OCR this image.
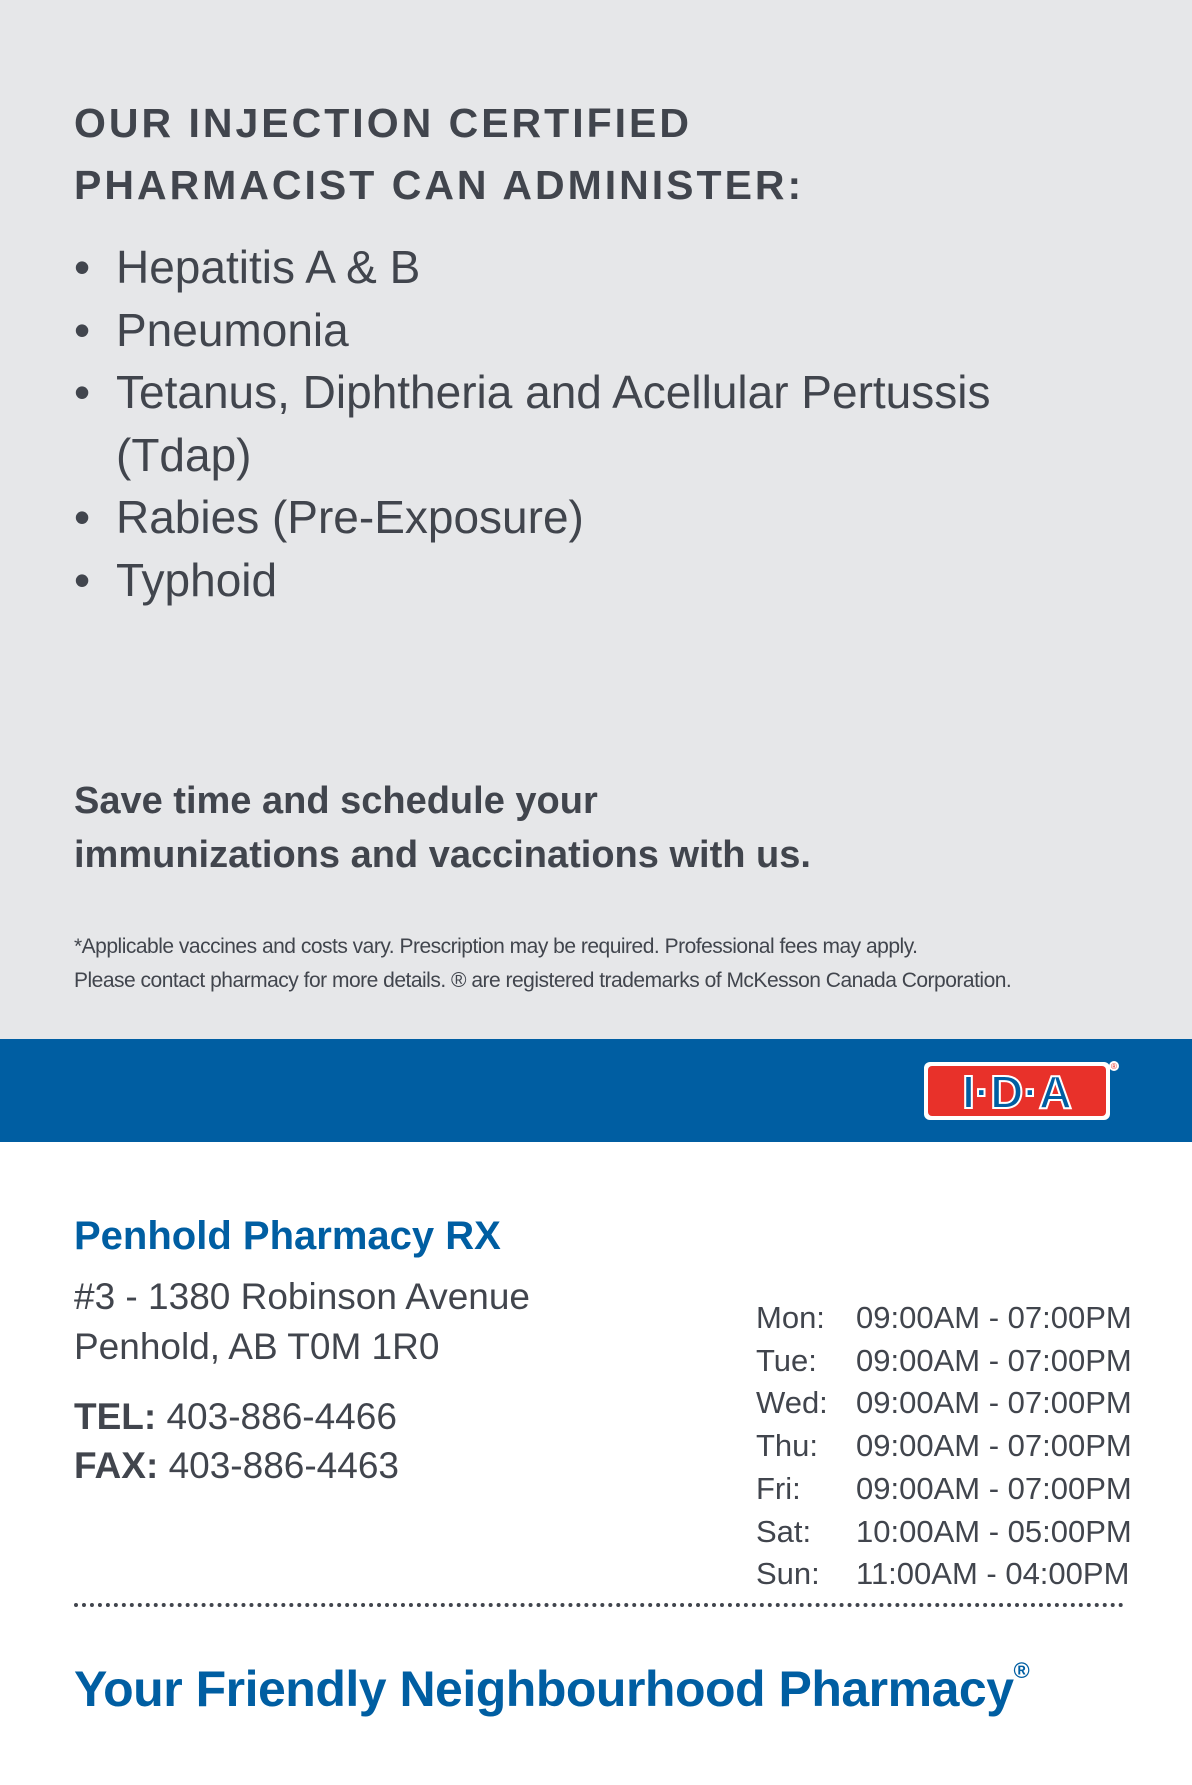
OUR INJECTION CERTIFIED
PHARMACIST CAN ADMINISTER:
• Hepatitis A & B
• Pneumonia
• Tetanus, Diphtheria and Acellular Pertussis (Tdap)
• Rabies (Pre-Exposure)
• Typhoid
Save time and schedule your
immunizations and vaccinations with us.
*Applicable vaccines and costs vary. Prescription may be required. Professional fees may apply.
Please contact pharmacy for more details. ® are registered trademarks of McKesson Canada Corporation.
I·D·A	®
Penhold Pharmacy RX
#3 - 1380 Robinson Avenue
Penhold, AB T0M 1R0
TEL: 403-886-4466
FAX: 403-886-4463
Mon:	09:00AM - 07:00PM
Tue:	09:00AM - 07:00PM
Wed: 09:00AM - 07:00PM
Thu:	09:00AM - 07:00PM
Fri:	09:00AM - 07:00PM
Sat:	10:00AM - 05:00PM
Sun:	11:00AM - 04:00PM
Your Friendly Neighbourhood Pharmacy®
